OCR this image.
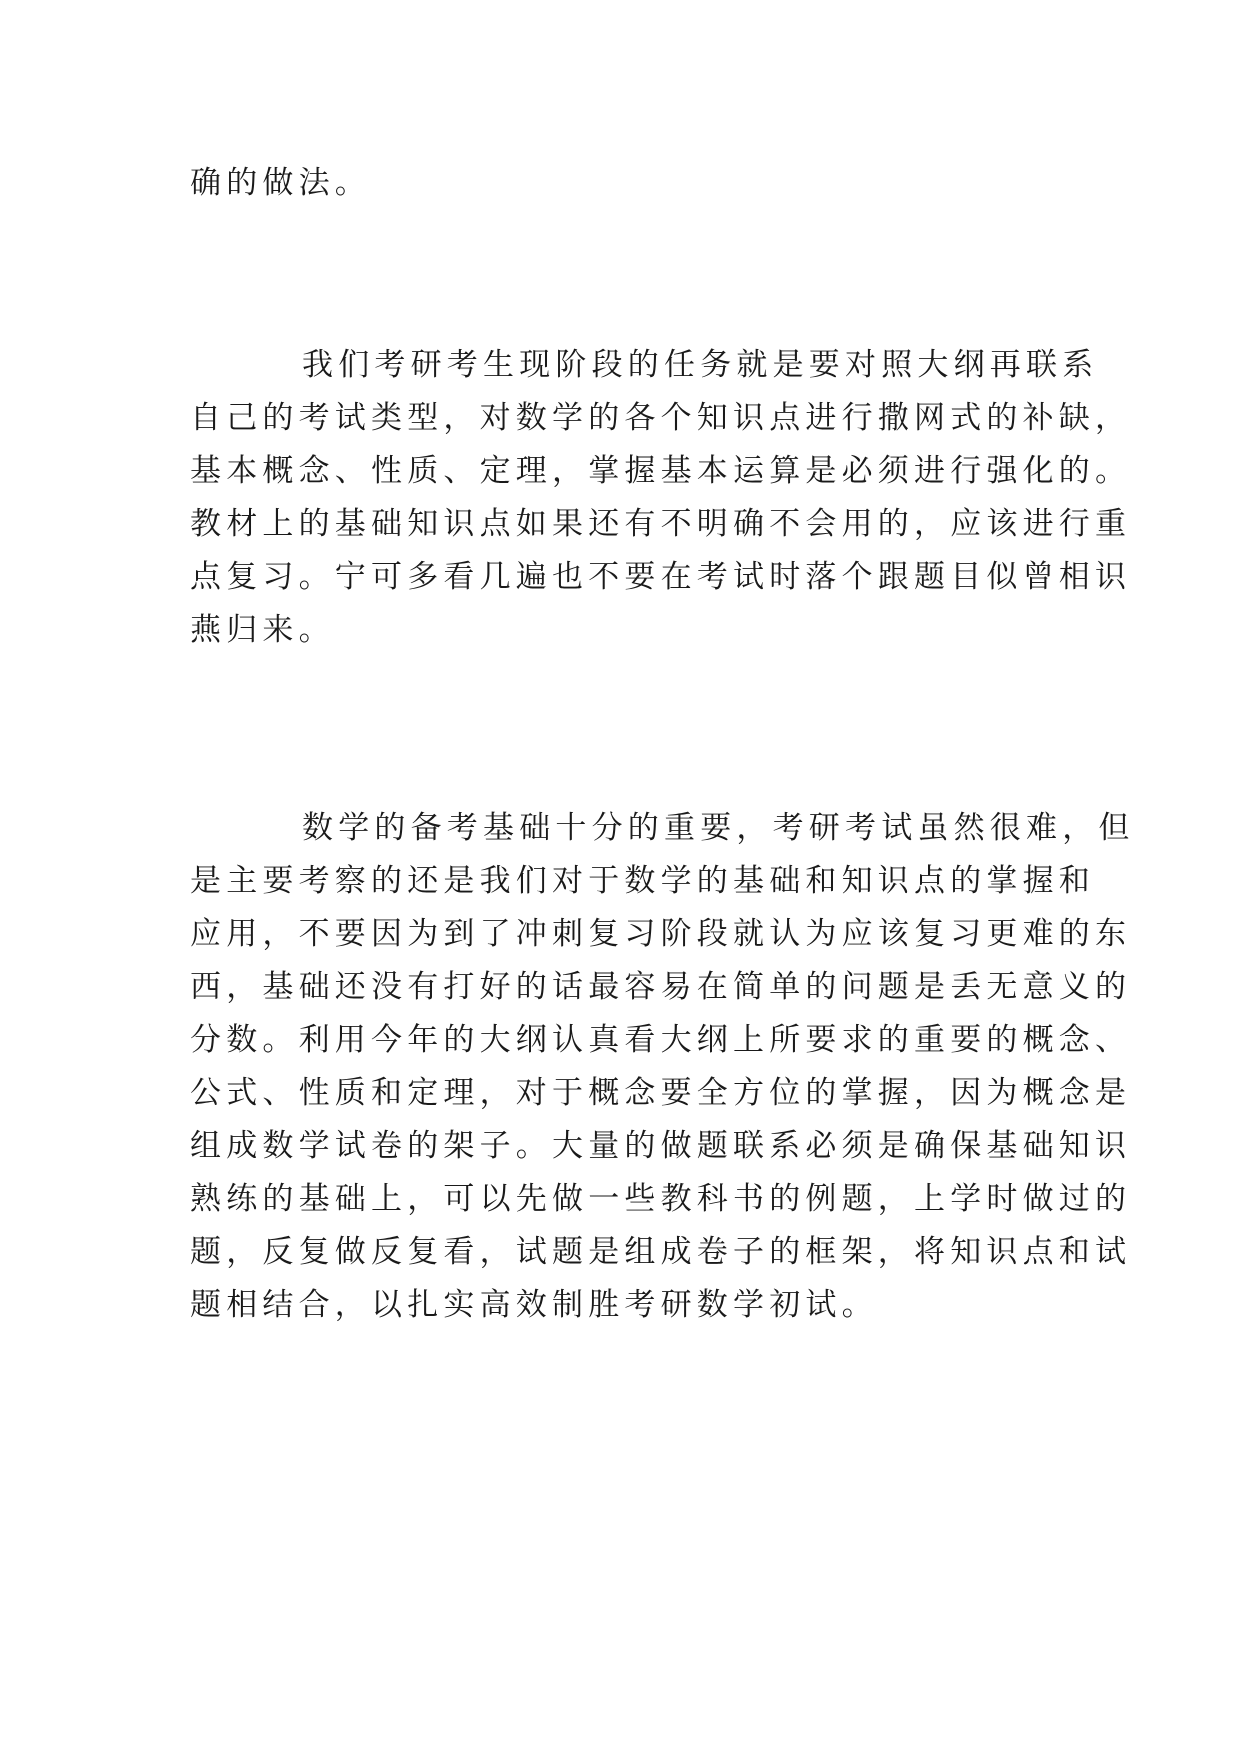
确的做法。
我们考研考生现阶段的任务就是要对照大纲再联系
自己的考试类型，对数学的各个知识点进行撒网式的补缺，
基本概念、性质、定理，掌握基本运算是必须进行强化的。
教材上的基础知识点如果还有不明确不会用的，应该进行重
点复习。宁可多看几遍也不要在考试时落个跟题目似曾相识
燕归来。
数学的备考基础十分的重要，考研考试虽然很难，但
是主要考察的还是我们对于数学的基础和知识点的掌握和
应用，不要因为到了冲刺复习阶段就认为应该复习更难的东
西，基础还没有打好的话最容易在简单的问题是丢无意义的
分数。利用今年的大纲认真看大纲上所要求的重要的概念、
公式、性质和定理，对于概念要全方位的掌握，因为概念是
组成数学试卷的架子。大量的做题联系必须是确保基础知识
熟练的基础上，可以先做一些教科书的例题，上学时做过的
题，反复做反复看，试题是组成卷子的框架，将知识点和试
题相结合，以扎实高效制胜考研数学初试。
